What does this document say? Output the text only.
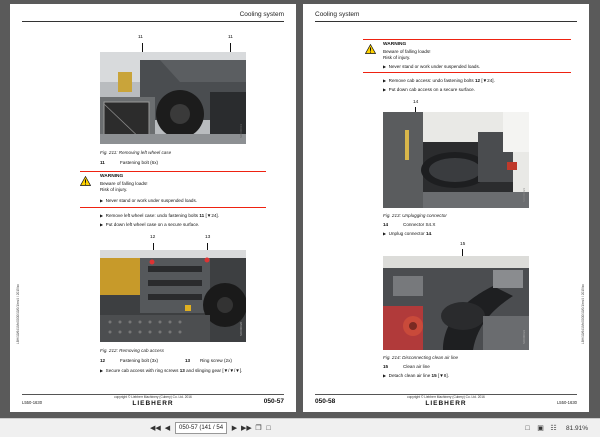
Cooling system
11	11
SD000019
Fig. 211: Removing left wheel case
11	Fastening bolt (6x)
WARNING
Beware of falling loads!
Risk of injury.
▶ Never stand or work under suspended loads.
▶ Remove left wheel case: undo fastening bolts 11 [▼24].
▶ Put down left wheel case on a secure surface.
12	13
SD000020
Fig. 212: Removing cab access
12	Fastening bolt (3x)	13 Ring screw (2x)
▶ Secure cab access with ring screws 13 and slinging gear [▼/▼/▼].
LBH/10/6419/b/0000/10/0/1/en/4 / 2015/xx
L550-1630
copyright © Liebherr Machinery (Cubery) Co. Ltd. 2016
LIEBHERR	050-57
Cooling system
WARNING
Beware of falling loads!
Risk of injury.
▶ Never stand or work under suspended loads.
▶ Remove cab access: undo fastening bolts 12 [▼24].
▶ Put down cab access on a secure surface.
14
SD000021
Fig. 213: Unplugging connector
14	Connector S4.X
▶ Unplug connector 14.
15
SD000022
Fig. 214: Disconnecting clean air line
15	Clean air line
▶ Detach clean air line 15 [▼8].
LBH/10/6419/b/0000/10/0/1/en/4 / 2015/xx
050-58
copyright © Liebherr Machinery (Cubery) Co. Ltd. 2016
LIEBHERR	L550-1630
◀◀ ◀	050-57 (141 / 54	▶ ▶▶ ❐ □	□	▣ ☷ 81.91%
